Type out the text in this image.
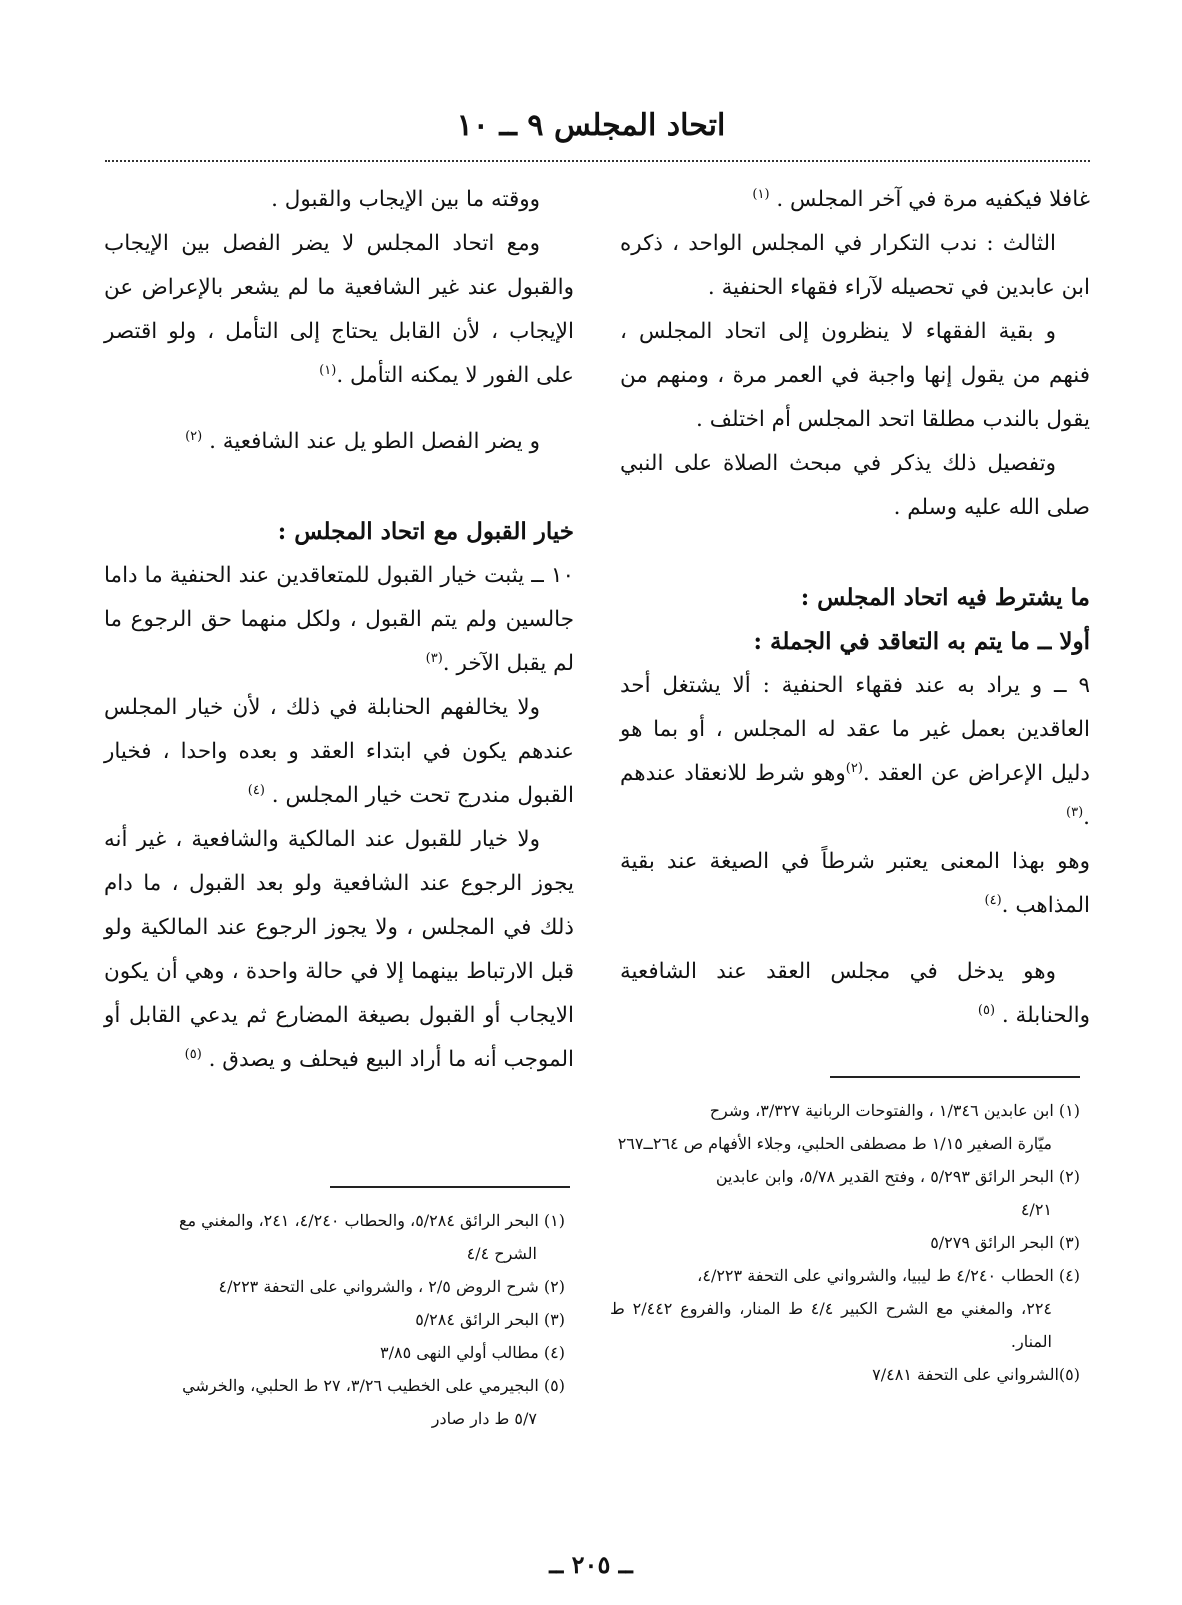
اتحاد المجلس ٩ ــ ١٠

غافلا فيكفيه مرة في آخر المجلس . $^{(١)}$

الثالث : ندب التكرار في المجلس الواحد ، ذكره ابن عابدين في تحصيله لآراء فقهاء الحنفية .

و بقية الفقهاء لا ينظرون إلى اتحاد المجلس ، فنهم من يقول إنها واجبة في العمر مرة ، ومنهم من يقول بالندب مطلقا اتحد المجلس أم اختلف .

وتفصيل ذلك يذكر في مبحث الصلاة على النبي صلى الله عليه وسلم .

ما يشترط فيه اتحاد المجلس :

أولا ــ ما يتم به التعاقد في الجملة :

٩ ــ و يراد به عند فقهاء الحنفية : ألا يشتغل أحد العاقدين بعمل غير ما عقد له المجلس ، أو بما هو دليل الإعراض عن العقد .$^{(٢)}$وهو شرط للانعقاد عندهم .$^{(٣)}$

وهو بهذا المعنى يعتبر شرطاً في الصيغة عند بقية المذاهب .$^{(٤)}$

وهو يدخل في مجلس العقد عند الشافعية والحنابلة . $^{(٥)}$

ووقته ما بين الإيجاب والقبول .

ومع اتحاد المجلس لا يضر الفصل بين الإيجاب والقبول عند غير الشافعية ما لم يشعر بالإعراض عن الإيجاب ، لأن القابل يحتاج إلى التأمل ، ولو اقتصر على الفور لا يمكنه التأمل .$^{(١)}$

و يضر الفصل الطو يل عند الشافعية . $^{(٢)}$

خيار القبول مع اتحاد المجلس :

١٠ ــ يثبت خيار القبول للمتعاقدين عند الحنفية ما داما جالسين ولم يتم القبول ، ولكل منهما حق الرجوع ما لم يقبل الآخر .$^{(٣)}$

ولا يخالفهم الحنابلة في ذلك ، لأن خيار المجلس عندهم يكون في ابتداء العقد و بعده واحدا ، فخيار القبول مندرج تحت خيار المجلس . $^{(٤)}$

ولا خيار للقبول عند المالكية والشافعية ، غير أنه يجوز الرجوع عند الشافعية ولو بعد القبول ، ما دام ذلك في المجلس ، ولا يجوز الرجوع عند المالكية ولو قبل الارتباط بينهما إلا في حالة واحدة ، وهي أن يكون الايجاب أو القبول بصيغة المضارع ثم يدعي القابل أو الموجب أنه ما أراد البيع فيحلف و يصدق . $^{(٥)}$

(١) ابن عابدين ١/٣٤٦ ، والفتوحات الربانية ٣/٣٢٧، وشرح

ميّارة الصغير ١/١٥ ط مصطفى الحلبي، وجلاء الأفهام ص ٢٦٤ــ٢٦٧

(٢) البحر الرائق ٥/٢٩٣ ، وفتح القدير ٥/٧٨، وابن عابدين

٤/٢١

(٣) البحر الرائق ٥/٢٧٩

(٤) الحطاب ٤/٢٤٠ ط ليبيا، والشرواني على التحفة ٤/٢٢٣،

٢٢٤، والمغني مع الشرح الكبير ٤/٤ ط المنار، والفروع ٢/٤٤٢ ط المنار.

(٥)الشرواني على التحفة ٧/٤٨١

(١) البحر الرائق ٥/٢٨٤، والحطاب ٤/٢٤٠، ٢٤١، والمغني مع

الشرح ٤/٤

(٢) شرح الروض ٢/٥ ، والشرواني على التحفة ٤/٢٢٣

(٣) البحر الرائق ٥/٢٨٤

(٤) مطالب أولي النهى ٣/٨٥

(٥) البجيرمي على الخطيب ٣/٢٦، ٢٧ ط الحلبي، والخرشي

٥/٧ ط دار صادر

ــ ٢٠٥ ــ
